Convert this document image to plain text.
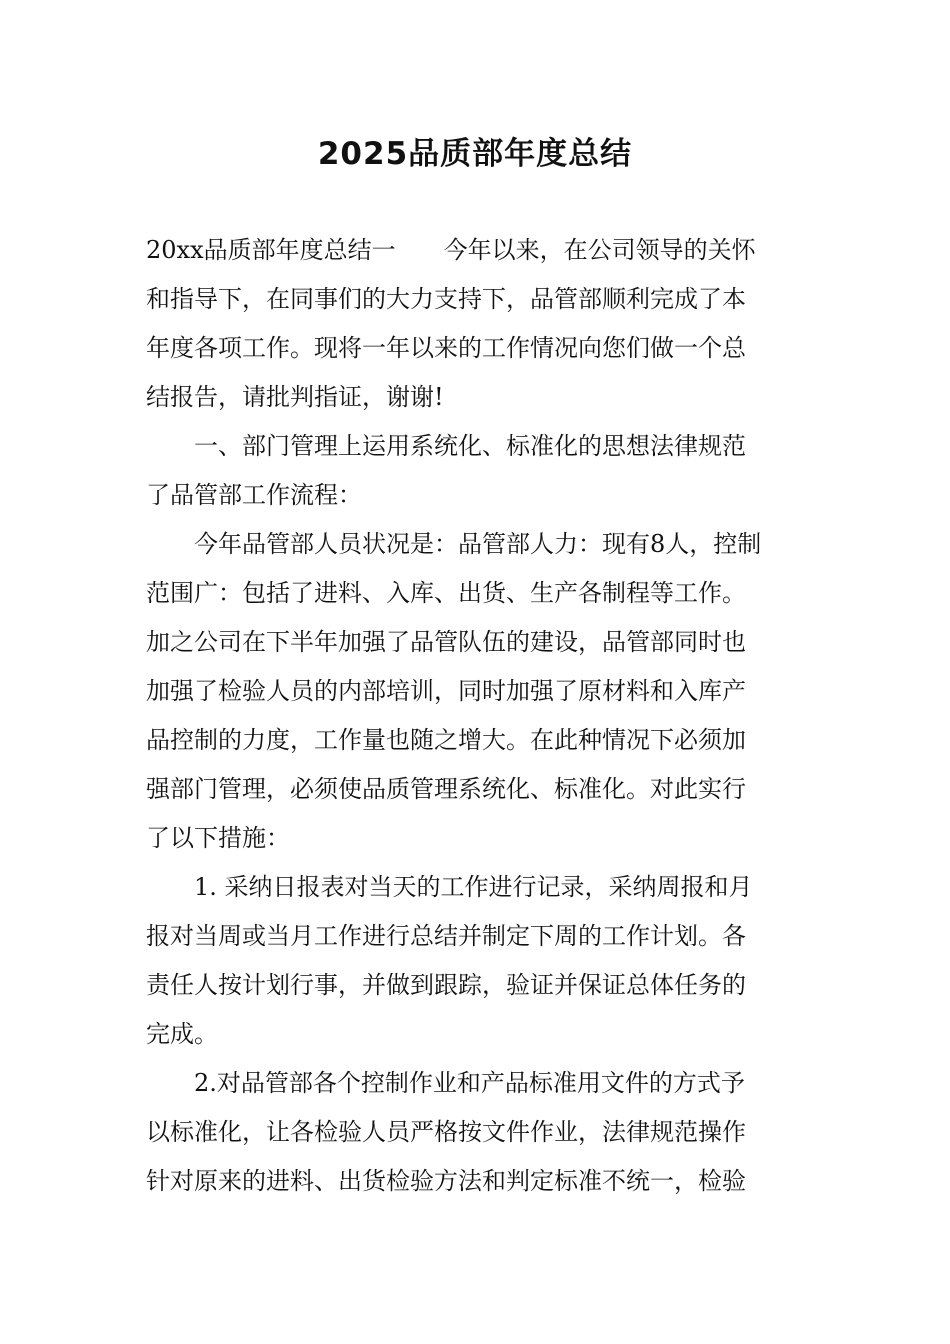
2025品质部年度总结
20xx品质部年度总结一　　今年以来，在公司领导的关怀
和指导下，在同事们的大力支持下，品管部顺利完成了本
年度各项工作。现将一年以来的工作情况向您们做一个总
结报告，请批判指证，谢谢!
　　一、部门管理上运用系统化、标准化的思想法律规范
了品管部工作流程：
　　今年品管部人员状况是：品管部人力：现有8人，控制
范围广：包括了进料、入库、出货、生产各制程等工作。
加之公司在下半年加强了品管队伍的建设，品管部同时也
加强了检验人员的内部培训，同时加强了原材料和入库产
品控制的力度，工作量也随之增大。在此种情况下必须加
强部门管理，必须使品质管理系统化、标准化。对此实行
了以下措施：
　　1. 采纳日报表对当天的工作进行记录，采纳周报和月
报对当周或当月工作进行总结并制定下周的工作计划。各
责任人按计划行事，并做到跟踪，验证并保证总体任务的
完成。
　　2.对品管部各个控制作业和产品标准用文件的方式予
以标准化，让各检验人员严格按文件作业，法律规范操作
针对原来的进料、出货检验方法和判定标准不统一，检验
